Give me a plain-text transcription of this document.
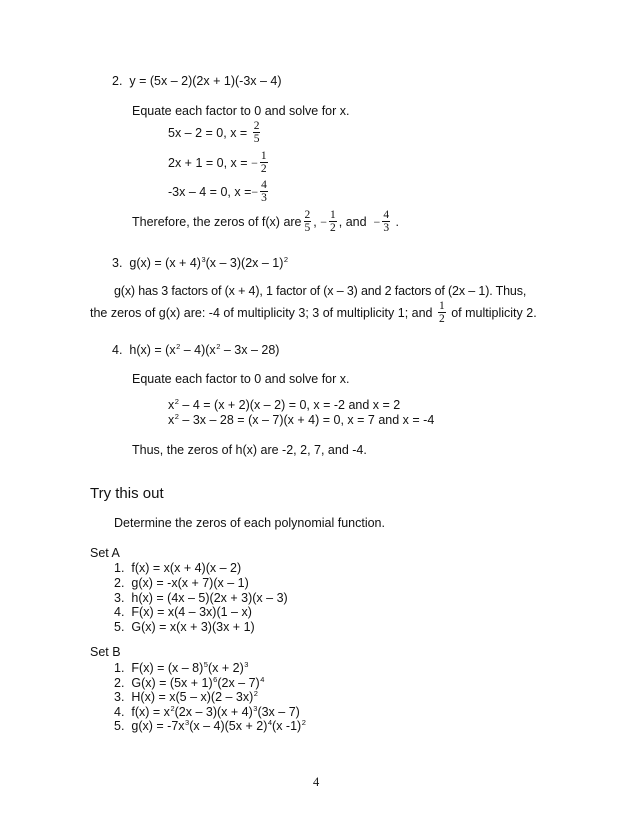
2. y = (5x – 2)(2x + 1)(-3x – 4)
Equate each factor to 0 and solve for x.
5x – 2 = 0, $x = \frac{2}{5}$
2x + 1 = 0, x = − $\frac{1}{2}$
-3x – 4 = 0, $x =- \frac{4}{3}$
Therefore, the zeros of f(x) are $\frac{2}{5}$ , − $\frac{1}{2}$ , and − $\frac{4}{3}$ .
3. $g(x) = (x + 4)^3(x - 3)(2x - 1)^2$
g(x) has 3 factors of (x + 4), 1 factor of (x – 3) and 2 factors of (2x – 1). Thus,
the zeros of g(x) are: -4 of multiplicity 3; 3 of multiplicity 1; and $\frac{1}{2}$ of multiplicity 2.
4. $h(x) = (x^2 - 4)(x^2 - 3x - 28)$
Equate each factor to 0 and solve for x.
$x^2 - 4 = (x + 2)(x - 2) = 0$, x = -2 and x = 2
$x^2 - 3x - 28 = (x - 7)(x + 4) = 0$, x = 7 and x = -4
Thus, the zeros of h(x) are -2, 2, 7, and -4.
Try this out
Determine the zeros of each polynomial function.
Set A
1. f(x) = x(x + 4)(x – 2)
2. g(x) = -x(x + 7)(x – 1)
3. h(x) = (4x – 5)(2x + 3)(x – 3)
4. F(x) = x(4 – 3x)(1 – x)
5. G(x) = x(x + 3)(3x + 1)
Set B
1. $F(x) = (x - 8)^5(x + 2)^3$
2. $G(x) = (5x + 1)^6(2x - 7)^4$
3. H(x) = x(5 – x)(2 – 3x)$^2$
4. $f(x) = x^2(2x - 3)(x + 4)^3(3x - 7)$
5. $g(x) = -7x^3(x - 4)(5x + 2)^4(x$ -1)$^2$
4
